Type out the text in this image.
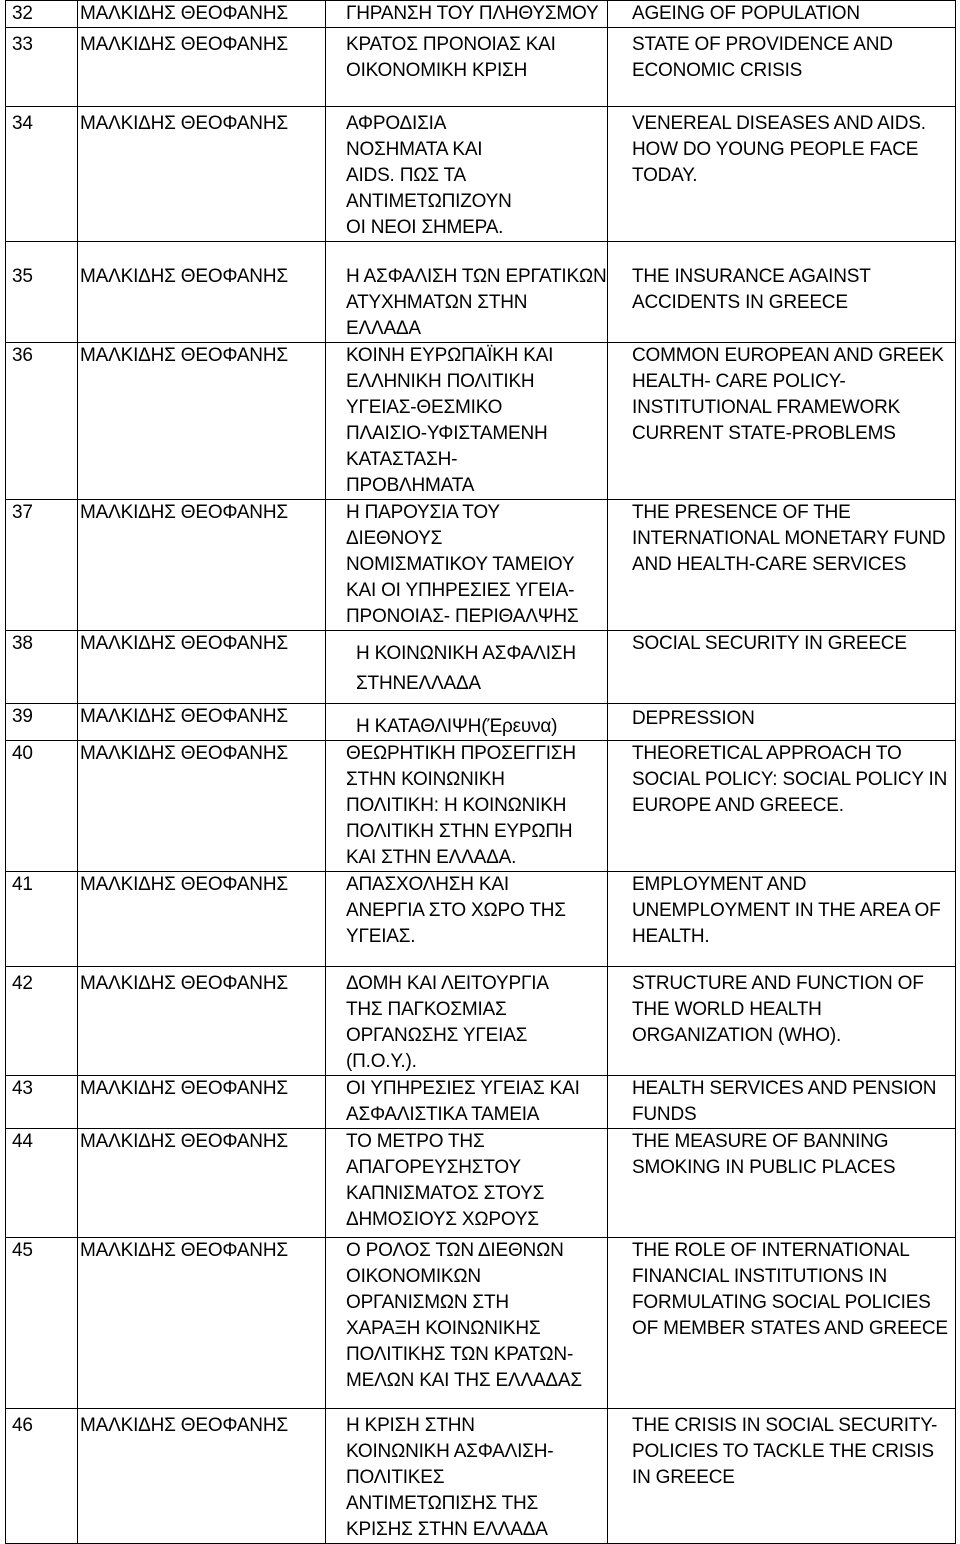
32	ΜΑΛΚΙΔΗΣ ΘΕΟΦΑΝΗΣ	ΓΗΡΑΝΣΗ ΤΟΥ ΠΛΗΘΥΣΜΟΥ	AGEING OF POPULATION
33	ΜΑΛΚΙΔΗΣ ΘΕΟΦΑΝΗΣ	ΚΡΑΤΟΣ ΠΡΟΝΟΙΑΣ ΚΑΙ ΟΙΚΟΝΟΜΙΚΗ ΚΡΙΣΗ	STATE OF PROVIDENCE AND ECONOMIC CRISIS
34	ΜΑΛΚΙΔΗΣ ΘΕΟΦΑΝΗΣ	ΑΦΡΟΔΙΣΙΑ ΝΟΣΗΜΑΤΑ ΚΑΙ AIDS. ΠΩΣ ΤΑ ΑΝΤΙΜΕΤΩΠΙΖΟΥΝ ΟΙ ΝΕΟΙ ΣΗΜΕΡΑ.	VENEREAL DISEASES AND AIDS. HOW DO YOUNG PEOPLE FACE TODAY.
35	ΜΑΛΚΙΔΗΣ ΘΕΟΦΑΝΗΣ	Η ΑΣΦΑΛΙΣΗ ΤΩΝ ΕΡΓΑΤΙΚΩΝ ΑΤΥΧΗΜΑΤΩΝ ΣΤΗΝ ΕΛΛΑΔΑ	THE INSURANCE AGAINST ACCIDENTS IN GREECE
36	ΜΑΛΚΙΔΗΣ ΘΕΟΦΑΝΗΣ	ΚΟΙΝΗ ΕΥΡΩΠΑΪΚΗ ΚΑΙ ΕΛΛΗΝΙΚΗ ΠΟΛΙΤΙΚΗ ΥΓΕΙΑΣ-ΘΕΣΜΙΚΟ ΠΛΑΙΣΙΟ-ΥΦΙΣΤΑΜΕΝΗ ΚΑΤΑΣΤΑΣΗ-ΠΡΟΒΛΗΜΑΤΑ	COMMON EUROPEAN AND GREEK HEALTH- CARE POLICY-INSTITUTIONAL FRAMEWORK CURRENT STATE-PROBLEMS
37	ΜΑΛΚΙΔΗΣ ΘΕΟΦΑΝΗΣ	Η ΠΑΡΟΥΣΙΑ ΤΟΥ ΔΙΕΘΝΟΥΣ ΝΟΜΙΣΜΑΤΙΚΟΥ ΤΑΜΕΙΟΥ ΚΑΙ ΟΙ ΥΠΗΡΕΣΙΕΣ ΥΓΕΙΑ-ΠΡΟΝΟΙΑΣ- ΠΕΡΙΘΑΛΨΗΣ	THE PRESENCE OF THE INTERNATIONAL MONETARY FUND AND HEALTH-CARE SERVICES
38	ΜΑΛΚΙΔΗΣ ΘΕΟΦΑΝΗΣ	Η ΚΟΙΝΩΝΙΚΗ ΑΣΦΑΛΙΣΗ ΣΤΗΝΕΛΛΑΔΑ	SOCIAL SECURITY IN GREECE
39	ΜΑΛΚΙΔΗΣ ΘΕΟΦΑΝΗΣ	Η ΚΑΤΑΘΛΙΨΗ(Έρευνα)	DEPRESSION
40	ΜΑΛΚΙΔΗΣ ΘΕΟΦΑΝΗΣ	ΘΕΩΡΗΤΙΚΗ ΠΡΟΣΕΓΓΙΣΗ ΣΤΗΝ ΚΟΙΝΩΝΙΚΗ ΠΟΛΙΤΙΚΗ: Η ΚΟΙΝΩΝΙΚΗ ΠΟΛΙΤΙΚΗ ΣΤΗΝ ΕΥΡΩΠΗ ΚΑΙ ΣΤΗΝ ΕΛΛΑΔΑ.	THEORETICAL APPROACH TO SOCIAL POLICY: SOCIAL POLICY IN EUROPE AND GREECE.
41	ΜΑΛΚΙΔΗΣ ΘΕΟΦΑΝΗΣ	ΑΠΑΣΧΟΛΗΣΗ ΚΑΙ ΑΝΕΡΓΙΑ ΣΤΟ ΧΩΡΟ ΤΗΣ ΥΓΕΙΑΣ.	EMPLOYMENT AND UNEMPLOYMENT IN THE AREA OF HEALTH.
42	ΜΑΛΚΙΔΗΣ ΘΕΟΦΑΝΗΣ	ΔΟΜΗ ΚΑΙ ΛΕΙΤΟΥΡΓΙΑ ΤΗΣ ΠΑΓΚΟΣΜΙΑΣ ΟΡΓΑΝΩΣΗΣ ΥΓΕΙΑΣ (Π.Ο.Υ.).	STRUCTURE AND FUNCTION OF THE WORLD HEALTH ORGANIZATION (WHO).
43	ΜΑΛΚΙΔΗΣ ΘΕΟΦΑΝΗΣ	ΟΙ ΥΠΗΡΕΣΙΕΣ ΥΓΕΙΑΣ ΚΑΙ ΑΣΦΑΛΙΣΤΙΚΑ ΤΑΜΕΙΑ	HEALTH SERVICES AND PENSION FUNDS
44	ΜΑΛΚΙΔΗΣ ΘΕΟΦΑΝΗΣ	ΤΟ ΜΕΤΡΟ ΤΗΣ ΑΠΑΓΟΡΕΥΣΗΣΤΟΥ ΚΑΠΝΙΣΜΑΤΟΣ ΣΤΟΥΣ ΔΗΜΟΣΙΟΥΣ ΧΩΡΟΥΣ	THE MEASURE OF BANNING SMOKING IN PUBLIC PLACES
45	ΜΑΛΚΙΔΗΣ ΘΕΟΦΑΝΗΣ	Ο ΡΟΛΟΣ ΤΩΝ ΔΙΕΘΝΩΝ ΟΙΚΟΝΟΜΙΚΩΝ ΟΡΓΑΝΙΣΜΩΝ ΣΤΗ ΧΑΡΑΞΗ ΚΟΙΝΩΝΙΚΗΣ ΠΟΛΙΤΙΚΗΣ ΤΩΝ ΚΡΑΤΩΝ-ΜΕΛΩΝ ΚΑΙ ΤΗΣ ΕΛΛΑΔΑΣ	THE ROLE OF INTERNATIONAL FINANCIAL INSTITUTIONS IN FORMULATING SOCIAL POLICIES OF MEMBER STATES AND GREECE
46	ΜΑΛΚΙΔΗΣ ΘΕΟΦΑΝΗΣ	Η ΚΡΙΣΗ ΣΤΗΝ ΚΟΙΝΩΝΙΚΗ ΑΣΦΑΛΙΣΗ- ΠΟΛΙΤΙΚΕΣ ΑΝΤΙΜΕΤΩΠΙΣΗΣ ΤΗΣ ΚΡΙΣΗΣ ΣΤΗΝ ΕΛΛΑΔΑ	THE CRISIS IN SOCIAL SECURITY-POLICIES TO TACKLE THE CRISIS IN GREECE
